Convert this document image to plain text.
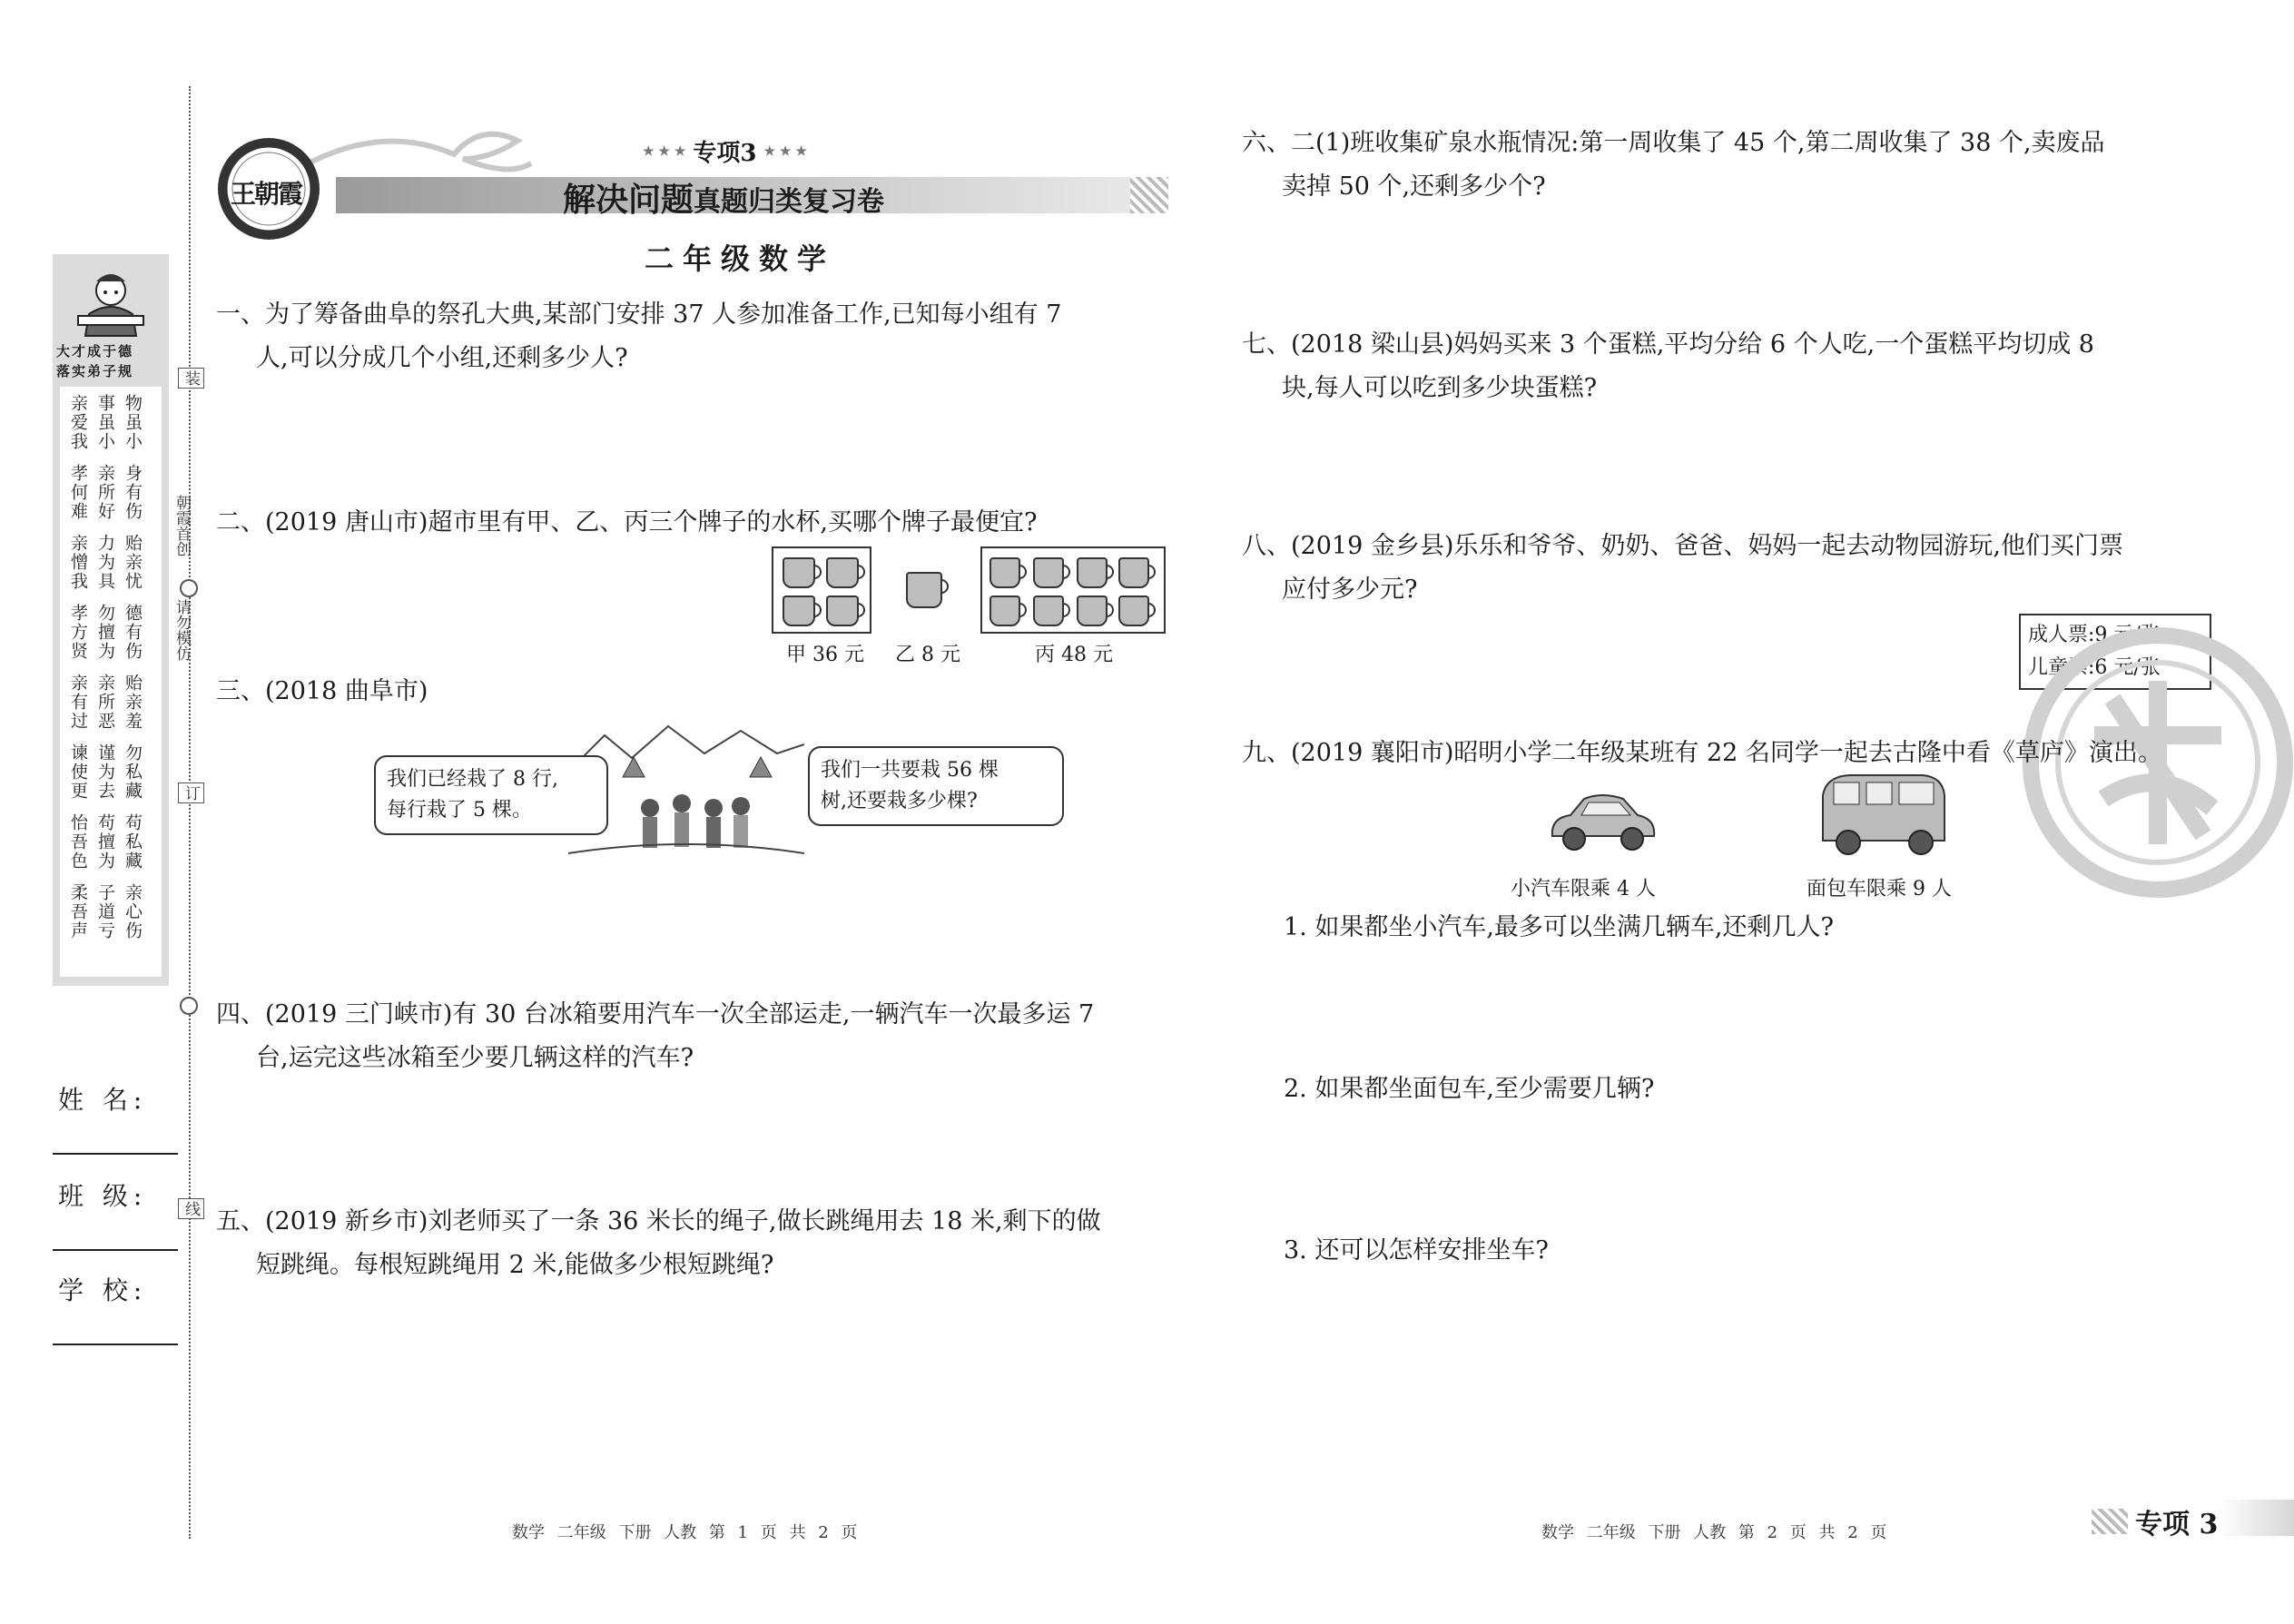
装
订
线
朝霞首创
请勿模仿
大才成于德
落实弟子规
亲爱我
孝何难
亲憎我
孝方贤
亲有过
谏使更
怡吾色
柔吾声
事虽小
亲所好
力为具
勿擅为
亲所恶
谨为去
苟擅为
子道亏
物虽小
身有伤
贻亲忧
德有伤
贻亲羞
勿私藏
苟私藏
亲心伤
姓 名:
班 级:
学 校:
王朝霞
★ ★ ★ 专项3 ★ ★ ★
解决问题真题归类复习卷
二年级数学

一、为了筹备曲阜的祭孔大典,某部门安排 37 人参加准备工作,已知每小组有 7

人,可以分成几个小组,还剩多少人?

二、(2019 唐山市)超市里有甲、乙、丙三个牌子的水杯,买哪个牌子最便宜?

甲 36 元 乙 8 元	丙 48 元

三、(2018 曲阜市)

我们已经栽了 8 行,
每行栽了 5 棵。
我们一共要栽 56 棵
树,还要栽多少棵?

四、(2019 三门峡市)有 30 台冰箱要用汽车一次全部运走,一辆汽车一次最多运 7

台,运完这些冰箱至少要几辆这样的汽车?

五、(2019 新乡市)刘老师买了一条 36 米长的绳子,做长跳绳用去 18 米,剩下的做

短跳绳。每根短跳绳用 2 米,能做多少根短跳绳?

六、二(1)班收集矿泉水瓶情况:第一周收集了 45 个,第二周收集了 38 个,卖废品

卖掉 50 个,还剩多少个?

七、(2018 梁山县)妈妈买来 3 个蛋糕,平均分给 6 个人吃,一个蛋糕平均切成 8

块,每人可以吃到多少块蛋糕?

八、(2019 金乡县)乐乐和爷爷、奶奶、爸爸、妈妈一起去动物园游玩,他们买门票

应付多少元?

成人票:9 元/张
儿童票:6 元/张

九、(2019 襄阳市)昭明小学二年级某班有 22 名同学一起去古隆中看《草庐》演出。

小汽车限乘 4 人	面包车限乘 9 人
1. 如果都坐小汽车,最多可以坐满几辆车,还剩几人?
2. 如果都坐面包车,至少需要几辆?
3. 还可以怎样安排坐车?
数学 二年级 下册 人教 第 1 页 共 2 页	数学 二年级 下册 人教 第 2 页 共 2 页	专项 3
